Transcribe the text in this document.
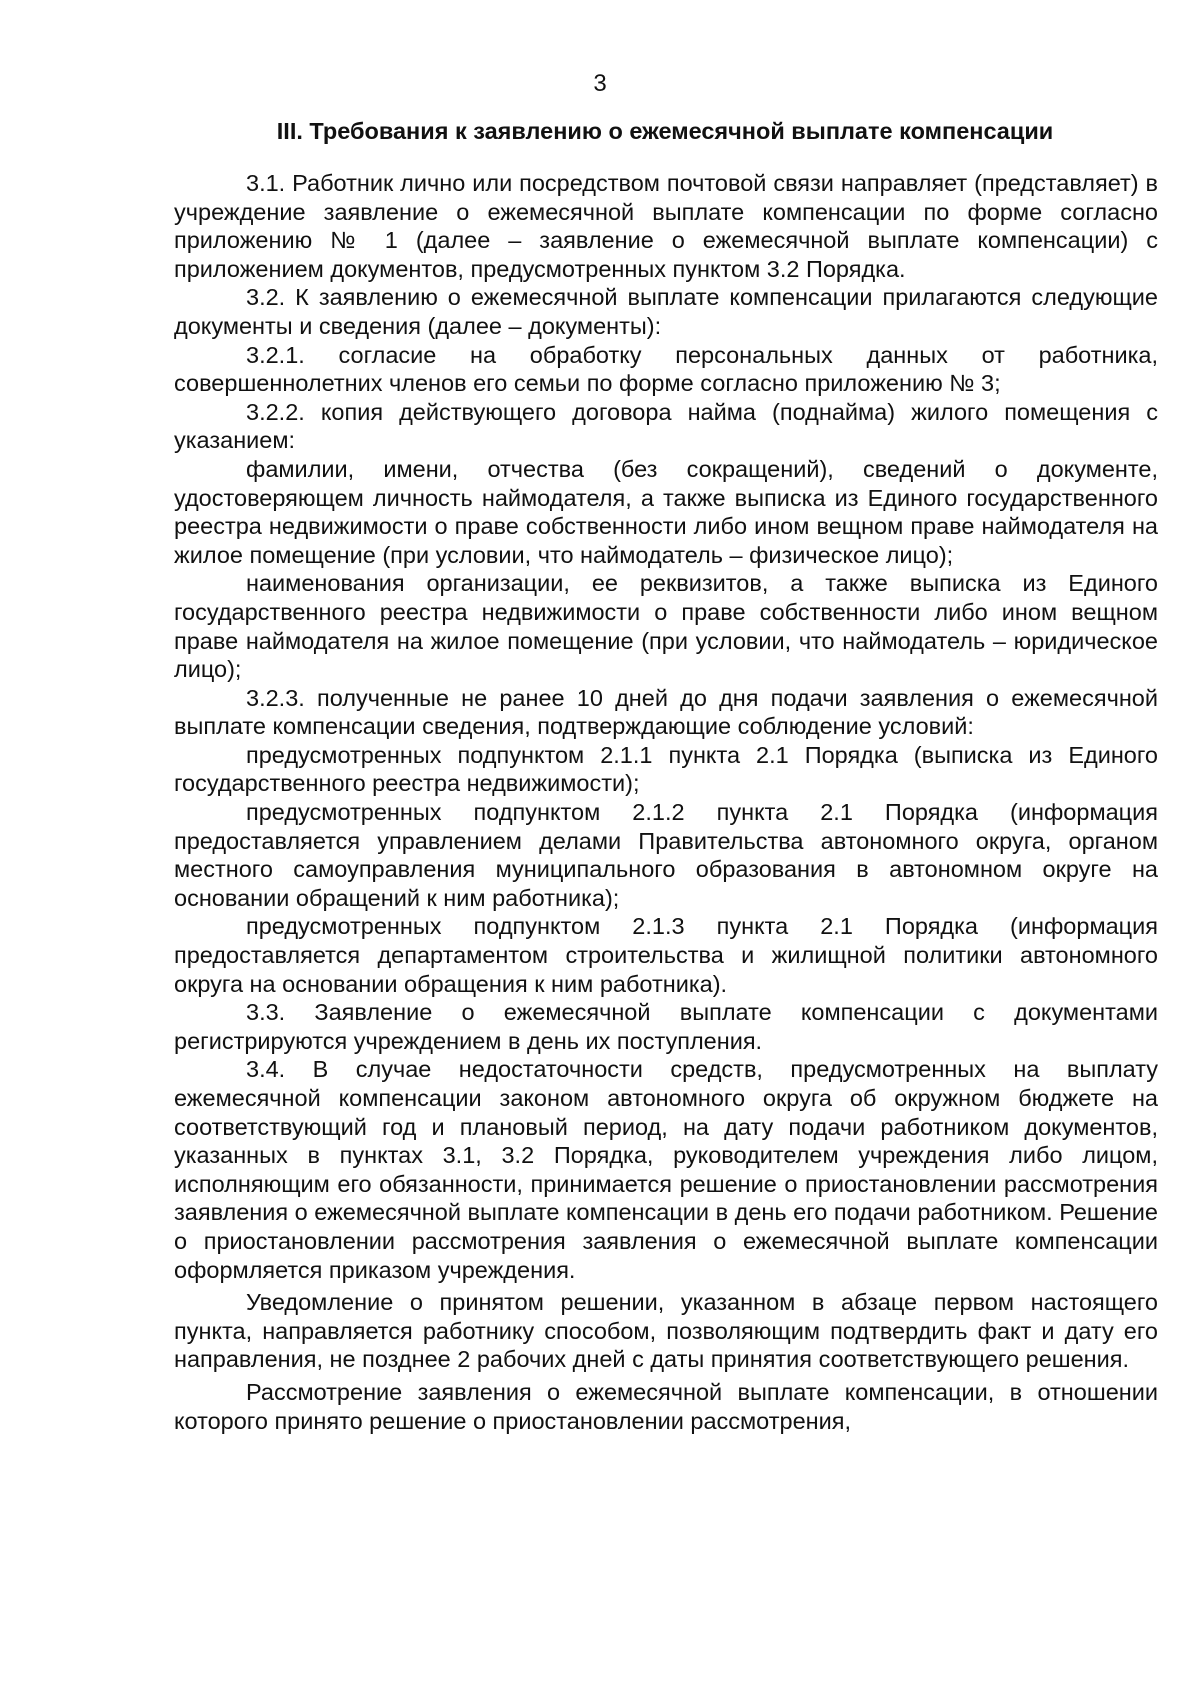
3
III. Требования к заявлению о ежемесячной выплате компенсации

3.1. Работник лично или посредством почтовой связи направляет (представляет) в учреждение заявление о ежемесячной выплате компенсации по форме согласно приложению № 1 (далее – заявление о ежемесячной выплате компенсации) с приложением документов, предусмотренных пунктом 3.2 Порядка.

3.2. К заявлению о ежемесячной выплате компенсации прилагаются следующие документы и сведения (далее – документы):

3.2.1. согласие на обработку персональных данных от работника, совершеннолетних членов его семьи по форме согласно приложению № 3;

3.2.2. копия действующего договора найма (поднайма) жилого помещения с указанием:

фамилии, имени, отчества (без сокращений), сведений о документе, удостоверяющем личность наймодателя, а также выписка из Единого государственного реестра недвижимости о праве собственности либо ином вещном праве наймодателя на жилое помещение (при условии, что наймодатель – физическое лицо);

наименования организации, ее реквизитов, а также выписка из Единого государственного реестра недвижимости о праве собственности либо ином вещном праве наймодателя на жилое помещение (при условии, что наймодатель – юридическое лицо);

3.2.3. полученные не ранее 10 дней до дня подачи заявления о ежемесячной выплате компенсации сведения, подтверждающие соблюдение условий:

предусмотренных подпунктом 2.1.1 пункта 2.1 Порядка (выписка из Единого государственного реестра недвижимости);

предусмотренных подпунктом 2.1.2 пункта 2.1 Порядка (информация предоставляется управлением делами Правительства автономного округа, органом местного самоуправления муниципального образования в автономном округе на основании обращений к ним работника);

предусмотренных подпунктом 2.1.3 пункта 2.1 Порядка (информация предоставляется департаментом строительства и жилищной политики автономного округа на основании обращения к ним работника).

3.3. Заявление о ежемесячной выплате компенсации с документами регистрируются учреждением в день их поступления.

3.4. В случае недостаточности средств, предусмотренных на выплату ежемесячной компенсации законом автономного округа об окружном бюджете на соответствующий год и плановый период, на дату подачи работником документов, указанных в пунктах 3.1, 3.2 Порядка, руководителем учреждения либо лицом, исполняющим его обязанности, принимается решение о приостановлении рассмотрения заявления о ежемесячной выплате компенсации в день его подачи работником. Решение о приостановлении рассмотрения заявления о ежемесячной выплате компенсации оформляется приказом учреждения.

Уведомление о принятом решении, указанном в абзаце первом настоящего пункта, направляется работнику способом, позволяющим подтвердить факт и дату его направления, не позднее 2 рабочих дней с даты принятия соответствующего решения.

Рассмотрение заявления о ежемесячной выплате компенсации, в отношении которого принято решение о приостановлении рассмотрения,
